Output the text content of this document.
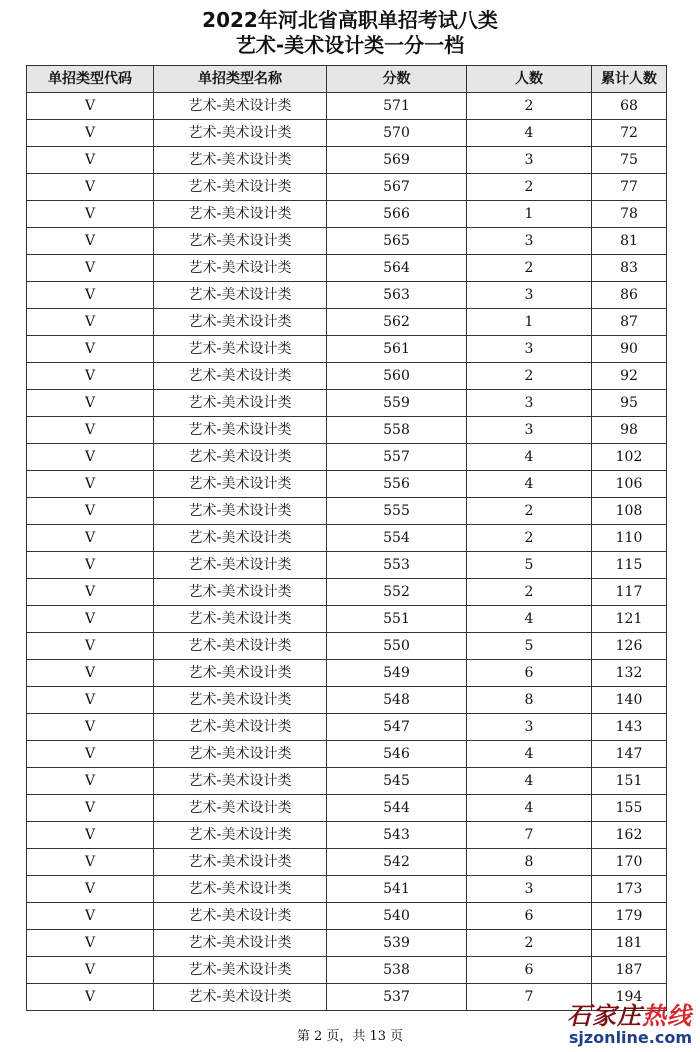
2022年河北省高职单招考试八类
艺术-美术设计类一分一档
单招类型代码	单招类型名称	分数	人数	累计人数
V	艺术-美术设计类	571	2	68
V	艺术-美术设计类	570	4	72
V	艺术-美术设计类	569	3	75
V	艺术-美术设计类	567	2	77
V	艺术-美术设计类	566	1	78
V	艺术-美术设计类	565	3	81
V	艺术-美术设计类	564	2	83
V	艺术-美术设计类	563	3	86
V	艺术-美术设计类	562	1	87
V	艺术-美术设计类	561	3	90
V	艺术-美术设计类	560	2	92
V	艺术-美术设计类	559	3	95
V	艺术-美术设计类	558	3	98
V	艺术-美术设计类	557	4	102
V	艺术-美术设计类	556	4	106
V	艺术-美术设计类	555	2	108
V	艺术-美术设计类	554	2	110
V	艺术-美术设计类	553	5	115
V	艺术-美术设计类	552	2	117
V	艺术-美术设计类	551	4	121
V	艺术-美术设计类	550	5	126
V	艺术-美术设计类	549	6	132
V	艺术-美术设计类	548	8	140
V	艺术-美术设计类	547	3	143
V	艺术-美术设计类	546	4	147
V	艺术-美术设计类	545	4	151
V	艺术-美术设计类	544	4	155
V	艺术-美术设计类	543	7	162
V	艺术-美术设计类	542	8	170
V	艺术-美术设计类	541	3	173
V	艺术-美术设计类	540	6	179
V	艺术-美术设计类	539	2	181
V	艺术-美术设计类	538	6	187
V	艺术-美术设计类	537	7	194
第 2 页，共 13 页
石家庄热线
sjzonline.com
